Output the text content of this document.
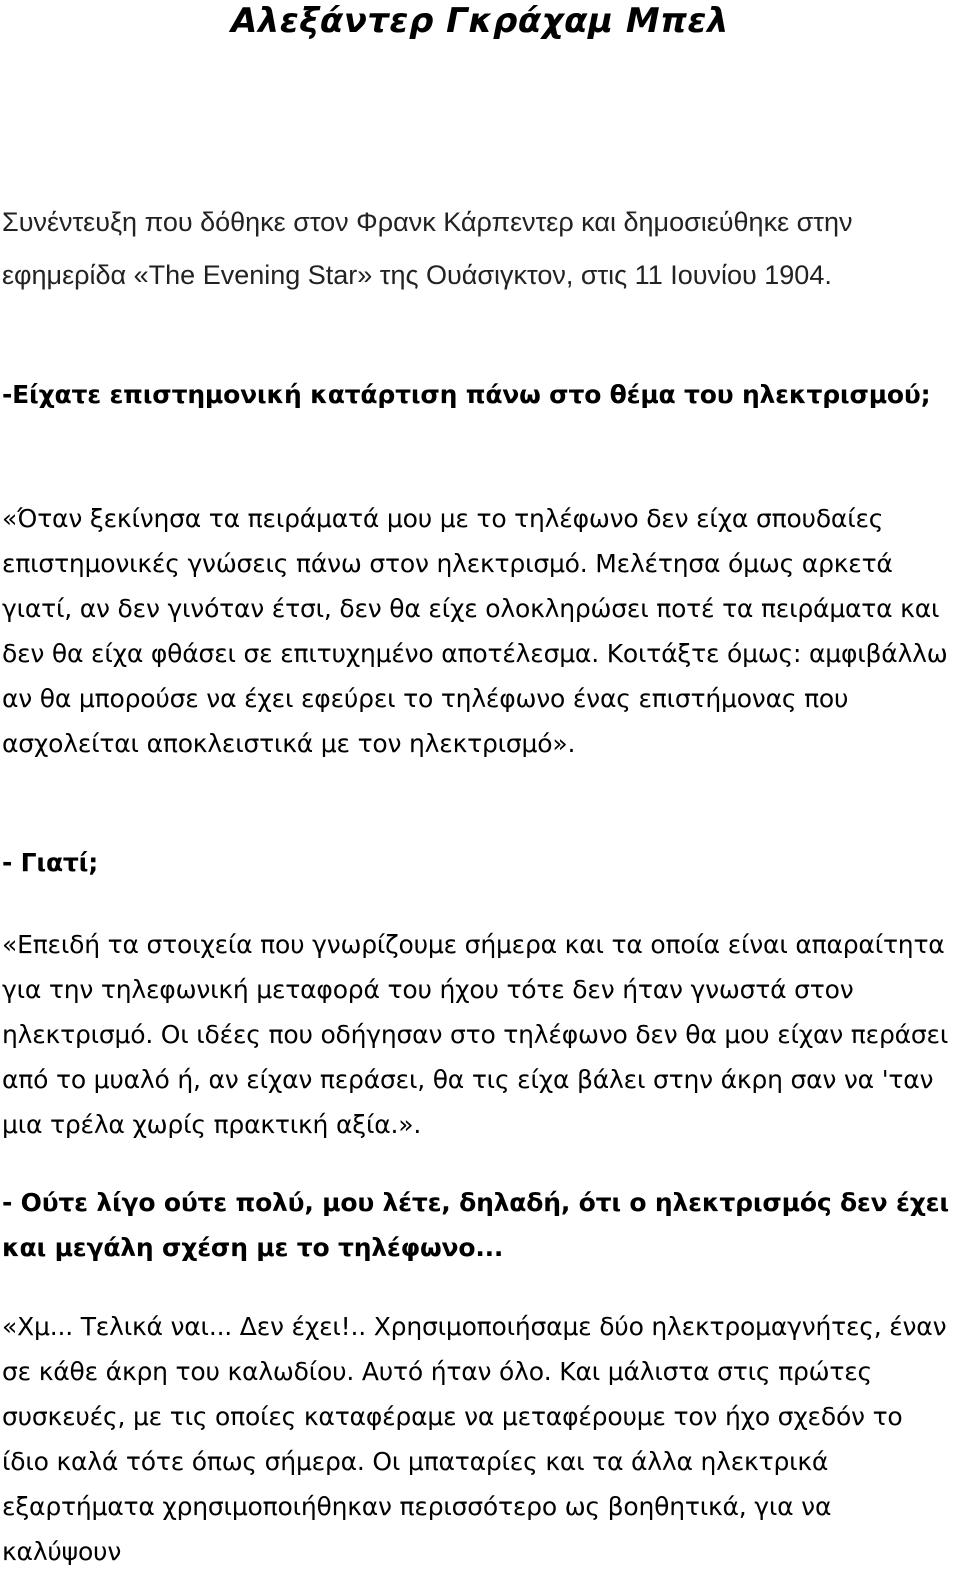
Αλεξάντερ Γκράχαμ Μπελ

Συνέντευξη που δόθηκε στον Φρανκ Κάρπεντερ και δημοσιεύθηκε στην εφημερίδα «The Evening Star» της Ουάσιγκτον, στις 11 Ιουνίου 1904.

-Είχατε επιστημονική κατάρτιση πάνω στο θέμα του ηλεκτρισμού;

«Όταν ξεκίνησα τα πειράματά μου με το τηλέφωνο δεν είχα σπουδαίες επιστημονικές γνώσεις πάνω στον ηλεκτρισμό. Μελέτησα όμως αρκετά γιατί, αν δεν γινόταν έτσι, δεν θα είχε ολοκληρώσει ποτέ τα πειράματα και δεν θα είχα φθάσει σε επιτυχημένο αποτέλεσμα. Κοιτάξτε όμως: αμφιβάλλω αν θα μπορούσε να έχει εφεύρει το τηλέφωνο ένας επιστήμονας που ασχολείται αποκλειστικά με τον ηλεκτρισμό».

- Γιατί;

«Επειδή τα στοιχεία που γνωρίζουμε σήμερα και τα οποία είναι απαραίτητα για την τηλεφωνική μεταφορά του ήχου τότε δεν ήταν γνωστά στον ηλεκτρισμό. Οι ιδέες που οδήγησαν στο τηλέφωνο δεν θα μου είχαν περάσει από το μυαλό ή, αν είχαν περάσει, θα τις είχα βάλει στην άκρη σαν να 'ταν μια τρέλα χωρίς πρακτική αξία.».

- Ούτε λίγο ούτε πολύ, μου λέτε, δηλαδή, ότι ο ηλεκτρισμός δεν έχει και μεγάλη σχέση με το τηλέφωνο...

«Χμ... Τελικά ναι... Δεν έχει!.. Χρησιμοποιήσαμε δύο ηλεκτρομαγνήτες, έναν σε κάθε άκρη του καλωδίου. Αυτό ήταν όλο. Και μάλιστα στις πρώτες συσκευές, με τις οποίες καταφέραμε να μεταφέρουμε τον ήχο σχεδόν το ίδιο καλά τότε όπως σήμερα. Οι μπαταρίες και τα άλλα ηλεκτρικά εξαρτήματα χρησιμοποιήθηκαν περισσότερο ως βοηθητικά, για να καλύψουν
